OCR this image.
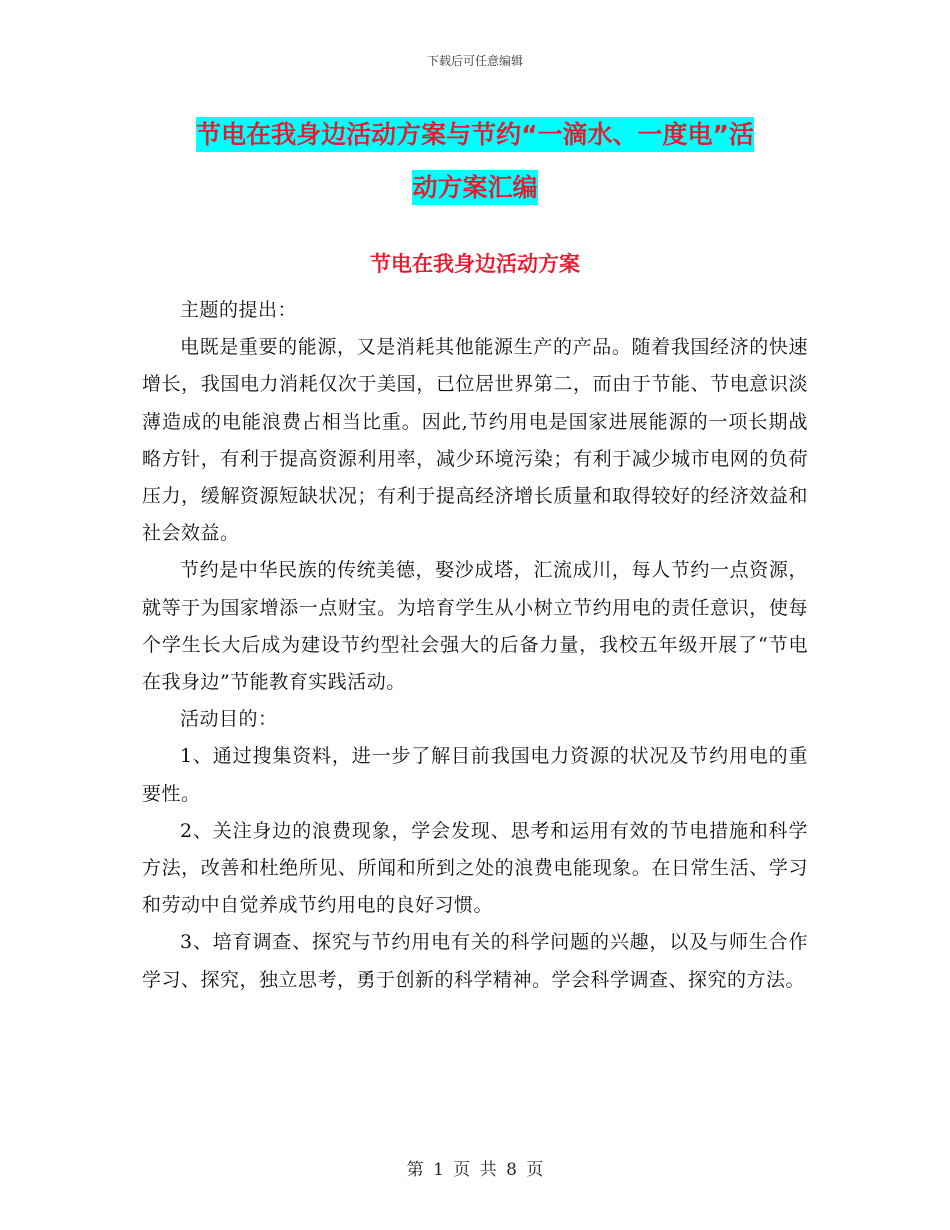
下载后可任意编辑
节电在我身边活动方案与节约“一滴水、一度电”活
动方案汇编
节电在我身边活动方案

主题的提出：

电既是重要的能源，又是消耗其他能源生产的产品。随着我国经济的快速增长，我国电力消耗仅次于美国，已位居世界第二，而由于节能、节电意识淡薄造成的电能浪费占相当比重。因此,节约用电是国家进展能源的一项长期战略方针，有利于提高资源利用率，减少环境污染；有利于减少城市电网的负荷压力，缓解资源短缺状况；有利于提高经济增长质量和取得较好的经济效益和社会效益。

节约是中华民族的传统美德，娶沙成塔，汇流成川，每人节约一点资源，就等于为国家增添一点财宝。为培育学生从小树立节约用电的责任意识，使每个学生长大后成为建设节约型社会强大的后备力量，我校五年级开展了“节电在我身边”节能教育实践活动。

活动目的：

1、通过搜集资料，进一步了解目前我国电力资源的状况及节约用电的重要性。

2、关注身边的浪费现象，学会发现、思考和运用有效的节电措施和科学方法，改善和杜绝所见、所闻和所到之处的浪费电能现象。在日常生活、学习和劳动中自觉养成节约用电的良好习惯。

3、培育调查、探究与节约用电有关的科学问题的兴趣，以及与师生合作学习、探究，独立思考，勇于创新的科学精神。学会科学调查、探究的方法。

第 1 页 共 8 页
